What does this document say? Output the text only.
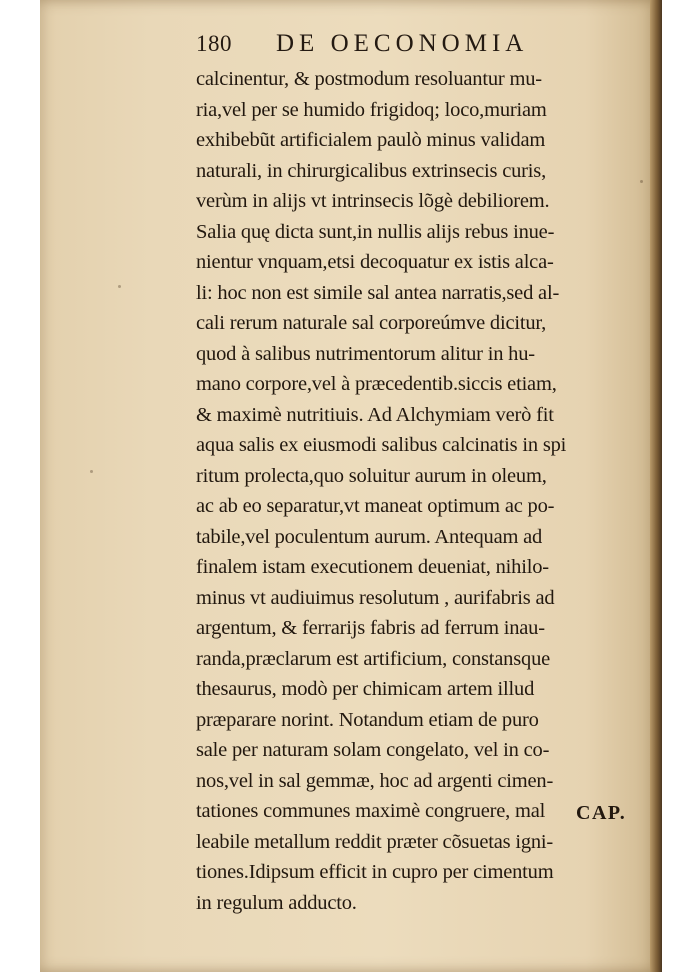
180 DE OECONOMIA
calcinentur, & postmodum resoluantur mu-
ria,vel per se humido frigidoq; loco,muriam
exhibebũt artificialem paulò minus validam
naturali, in chirurgicalibus extrinsecis curis,
verùm in alijs vt intrinsecis lõgè debiliorem.
Salia quę dicta sunt,in nullis alijs rebus inue-
nientur vnquam,etsi decoquatur ex istis alca-
li: hoc non est simile sal antea narratis,sed al-
cali rerum naturale sal corporeúmve dicitur,
quod à salibus nutrimentorum alitur in hu-
mano corpore,vel à præcedentib.siccis etiam,
& maximè nutritiuis. Ad Alchymiam verò fit
aqua salis ex eiusmodi salibus calcinatis in spi
ritum prolecta,quo soluitur aurum in oleum,
ac ab eo separatur,vt maneat optimum ac po-
tabile,vel poculentum aurum. Antequam ad
finalem istam executionem deueniat, nihilo-
minus vt audiuimus resolutum , aurifabris ad
argentum, & ferrarijs fabris ad ferrum inau-
randa,præclarum est artificium, constansque
thesaurus, modò per chimicam artem illud
præparare norint. Notandum etiam de puro
sale per naturam solam congelato, vel in co-
nos,vel in sal gemmæ, hoc ad argenti cimen-
tationes communes maximè congruere, mal
leabile metallum reddit præter cõsuetas igni-
tiones.Idipsum efficit in cupro per cimentum
in regulum adducto.
CAP.
